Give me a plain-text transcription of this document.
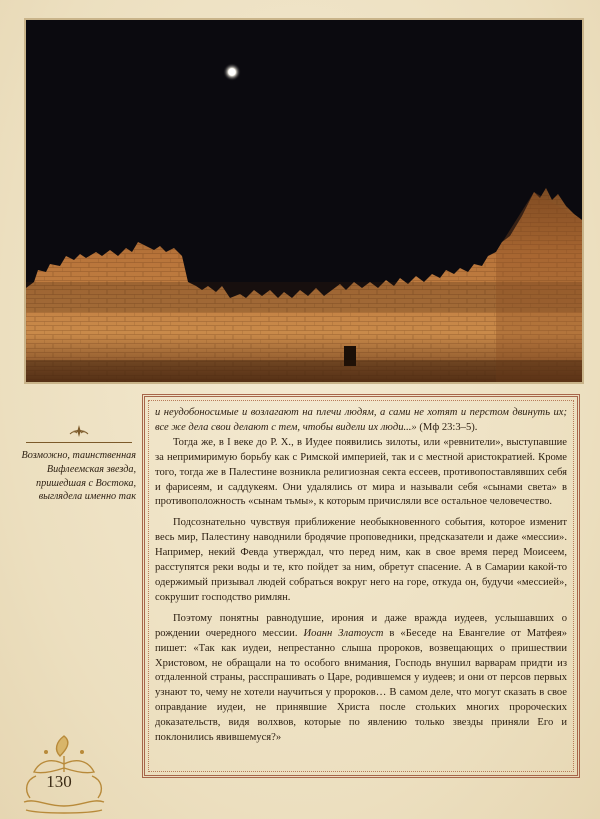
Возможно, таинственная
Вифлеемская звезда,
пришедшая с Востока,
выглядела именно так

и неудобоносимые и возлагают на плечи людям, а сами не хотят и перстом двинуть их; все же дела свои делают с тем, чтобы видели их люди...» (Мф 23:3–5).

Тогда же, в I веке до Р. Х., в Иудее появились зилоты, или «ревнители», выступавшие за непримиримую борьбу как с Римской империей, так и с местной аристократией. Кроме того, тогда же в Палестине возникла религиозная секта ессеев, противопоставлявших себя и фарисеям, и саддукеям. Они удалялись от мира и называли себя «сынами света» в противоположность «сынам тьмы», к которым причисляли все остальное человечество.

Подсознательно чувствуя приближение необыкновенного события, которое изменит весь мир, Палестину наводнили бродячие проповедники, предсказатели и даже «мессии». Например, некий Февда утверждал, что перед ним, как в свое время перед Моисеем, расступятся реки воды и те, кто пойдет за ним, обретут спасение. А в Самарии какой-то одержимый призывал людей собраться вокруг него на горе, откуда он, будучи «мессией», сокрушит господство римлян.

Поэтому понятны равнодушие, ирония и даже вражда иудеев, услышавших о рождении очередного мессии. Иоанн Златоуст в «Беседе на Евангелие от Матфея» пишет: «Так как иудеи, непрестанно слыша пророков, возвещающих о пришествии Христовом, не обращали на то особого внимания, Господь внушил варварам придти из отдаленной страны, расспрашивать о Царе, родившемся у иудеев; и они от персов первых узнают то, чему не хотели научиться у пророков… В самом деле, что могут сказать в свое оправдание иудеи, не принявшие Христа после стольких многих пророческих доказательств, видя волхвов, которые по явлению только звезды приняли Его и поклонились явившемуся?»

130
